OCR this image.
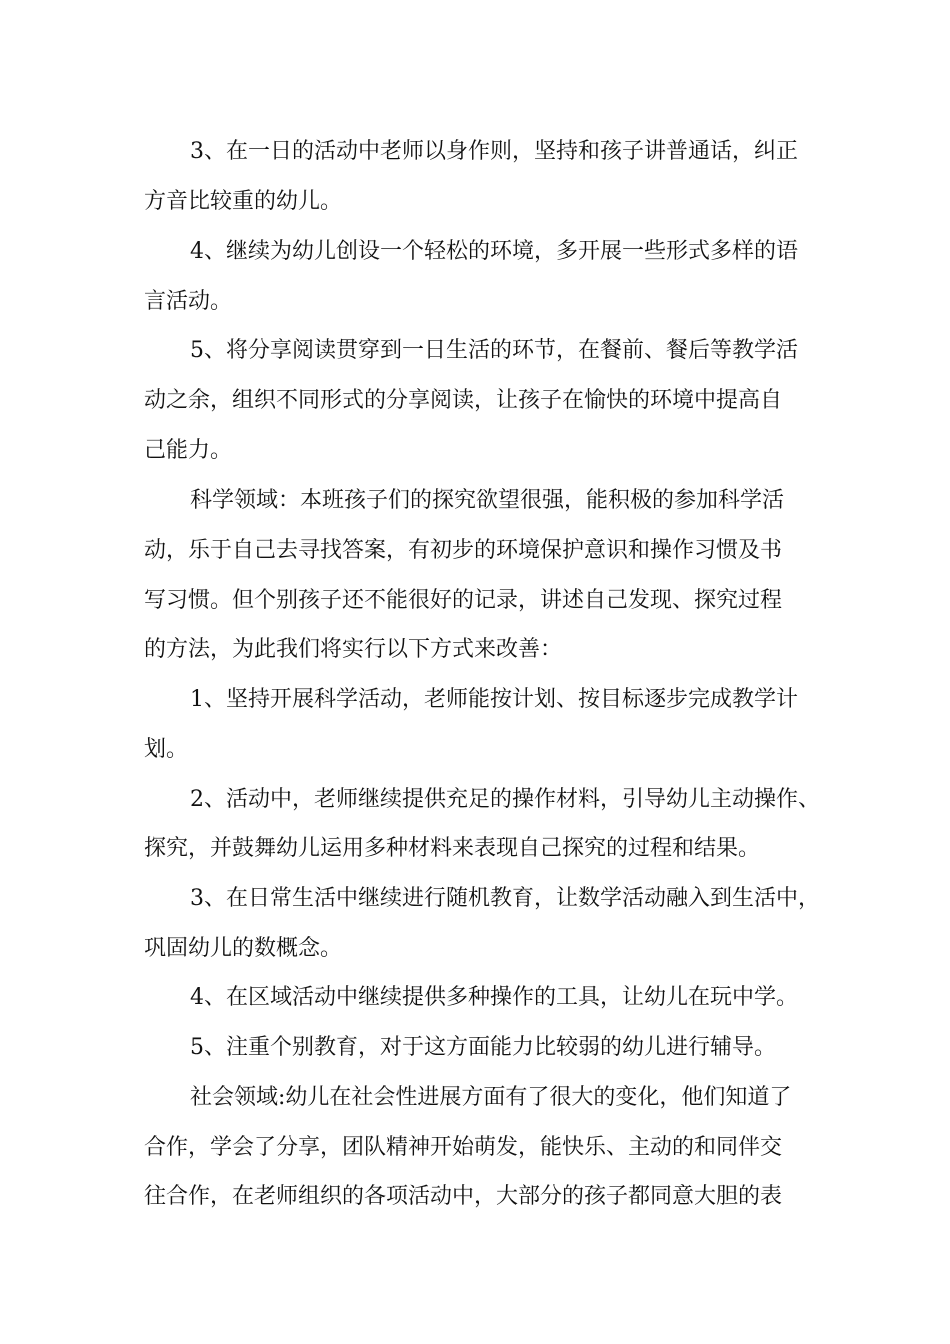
3、在一日的活动中老师以身作则，坚持和孩子讲普通话，纠正
方音比较重的幼儿。
4、继续为幼儿创设一个轻松的环境，多开展一些形式多样的语
言活动。
5、将分享阅读贯穿到一日生活的环节，在餐前、餐后等教学活
动之余，组织不同形式的分享阅读，让孩子在愉快的环境中提高自
己能力。
科学领域：本班孩子们的探究欲望很强，能积极的参加科学活
动，乐于自己去寻找答案，有初步的环境保护意识和操作习惯及书
写习惯。但个别孩子还不能很好的记录，讲述自己发现、探究过程
的方法，为此我们将实行以下方式来改善：
1、坚持开展科学活动，老师能按计划、按目标逐步完成教学计
划。
2、活动中，老师继续提供充足的操作材料，引导幼儿主动操作、
探究，并鼓舞幼儿运用多种材料来表现自己探究的过程和结果。
3、在日常生活中继续进行随机教育，让数学活动融入到生活中，
巩固幼儿的数概念。
4、在区域活动中继续提供多种操作的工具，让幼儿在玩中学。
5、注重个别教育，对于这方面能力比较弱的幼儿进行辅导。
社会领域:幼儿在社会性进展方面有了很大的变化，他们知道了
合作，学会了分享，团队精神开始萌发，能快乐、主动的和同伴交
往合作，在老师组织的各项活动中，大部分的孩子都同意大胆的表
